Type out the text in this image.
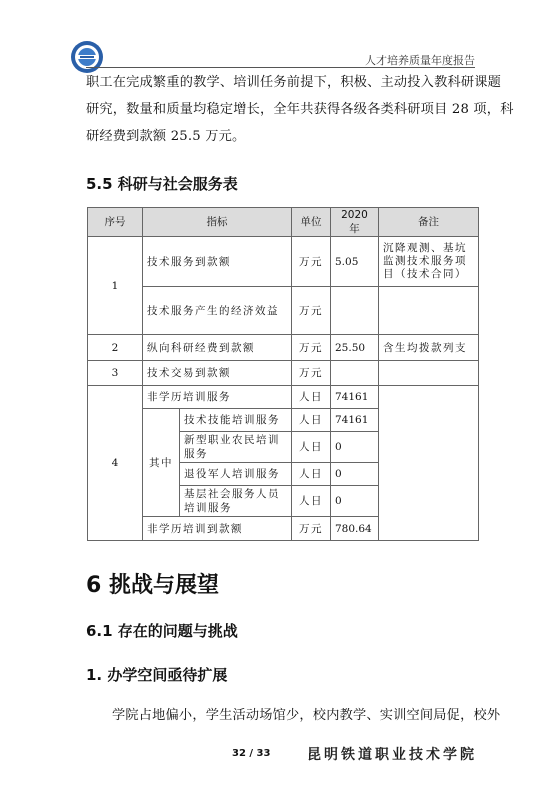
人才培养质量年度报告
职工在完成繁重的教学、培训任务前提下，积极、主动投入教科研课题
研究，数量和质量均稳定增长，全年共获得各级各类科研项目 28 项，科
研经费到款额 25.5 万元。
5.5 科研与社会服务表
序号	指标		单位	2020 年	备注
1	技术服务到款额		万元	5.05	沉降观测、基坑监测技术服务项目（技术合同）
	技术服务产生的经济效益		万元		
2	纵向科研经费到款额		万元	25.50	含生均拨款列支
3	技术交易到款额		万元		
4	非学历培训服务		人日	74161	
	其中	技术技能培训服务	人日	74161	
		新型职业农民培训服务	人日	0	
		退役军人培训服务	人日	0	
		基层社会服务人员培训服务	人日	0	
	非学历培训到款额		万元	780.64	
6 挑战与展望
6.1 存在的问题与挑战
1. 办学空间亟待扩展
学院占地偏小，学生活动场馆少，校内教学、实训空间局促，校外
32 / 33	昆明铁道职业技术学院
